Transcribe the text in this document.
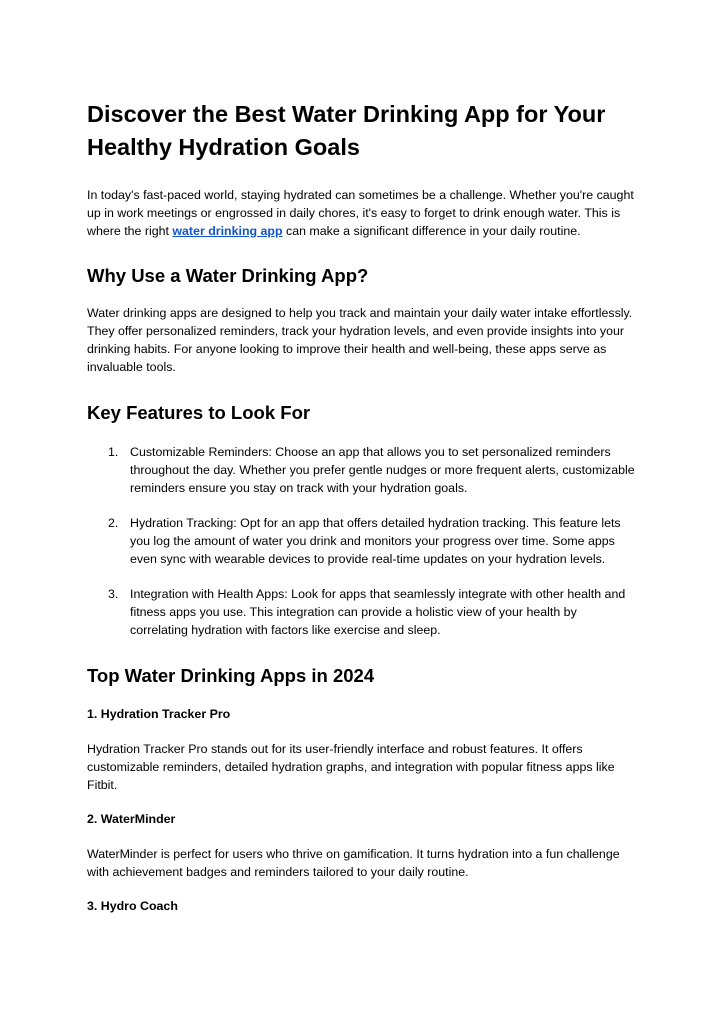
Discover the Best Water Drinking App for Your Healthy Hydration Goals

In today's fast-paced world, staying hydrated can sometimes be a challenge. Whether you're caught up in work meetings or engrossed in daily chores, it's easy to forget to drink enough water. This is where the right water drinking app can make a significant difference in your daily routine.

Why Use a Water Drinking App?

Water drinking apps are designed to help you track and maintain your daily water intake effortlessly. They offer personalized reminders, track your hydration levels, and even provide insights into your drinking habits. For anyone looking to improve their health and well-being, these apps serve as invaluable tools.

Key Features to Look For
1. Customizable Reminders: Choose an app that allows you to set personalized reminders throughout the day. Whether you prefer gentle nudges or more frequent alerts, customizable reminders ensure you stay on track with your hydration goals.
2. Hydration Tracking: Opt for an app that offers detailed hydration tracking. This feature lets you log the amount of water you drink and monitors your progress over time. Some apps even sync with wearable devices to provide real-time updates on your hydration levels.
3. Integration with Health Apps: Look for apps that seamlessly integrate with other health and fitness apps you use. This integration can provide a holistic view of your health by correlating hydration with factors like exercise and sleep.
Top Water Drinking Apps in 2024

1. Hydration Tracker Pro

Hydration Tracker Pro stands out for its user-friendly interface and robust features. It offers customizable reminders, detailed hydration graphs, and integration with popular fitness apps like Fitbit.

2. WaterMinder

WaterMinder is perfect for users who thrive on gamification. It turns hydration into a fun challenge with achievement badges and reminders tailored to your daily routine.

3. Hydro Coach
